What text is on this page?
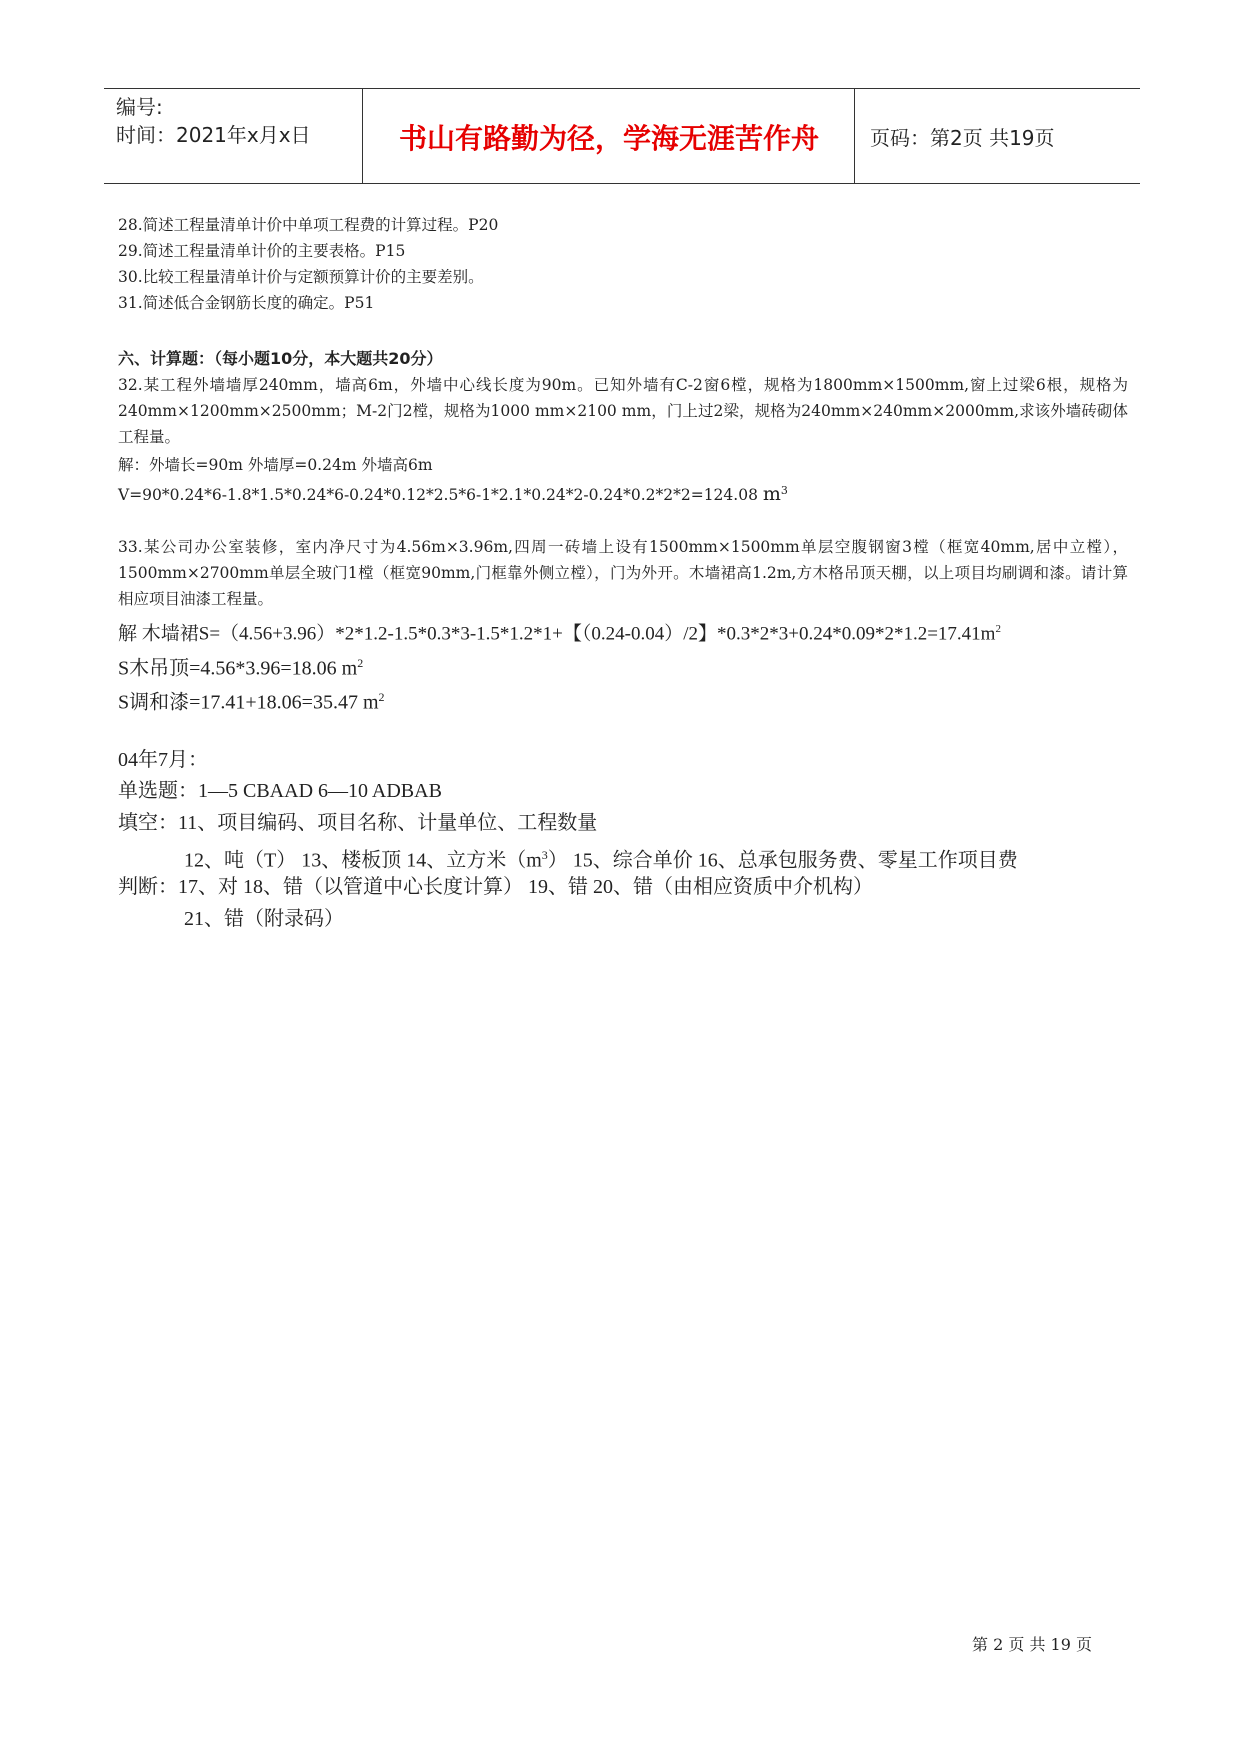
编号:
时间：2021年x月x日	书山有路勤为径，学海无涯苦作舟	页码：第2页 共19页
28.简述工程量清单计价中单项工程费的计算过程。P20
29.简述工程量清单计价的主要表格。P15
30.比较工程量清单计价与定额预算计价的主要差别。
31.简述低合金钢筋长度的确定。P51
六、计算题：（每小题10分，本大题共20分）
32.某工程外墙墙厚240mm，墙高6m，外墙中心线长度为90m。已知外墙有C-2窗6樘，规格为1800mm×1500mm,窗上过梁6根，规格为240mm×1200mm×2500mm；M-2门2樘，规格为1000 mm×2100 mm，门上过2梁，规格为240mm×240mm×2000mm,求该外墙砖砌体工程量。
解：外墙长=90m 外墙厚=0.24m 外墙高6m
V=90*0.24*6-1.8*1.5*0.24*6-0.24*0.12*2.5*6-1*2.1*0.24*2-0.24*0.2*2*2=124.08 $m^3$
33.某公司办公室装修，室内净尺寸为4.56m×3.96m,四周一砖墙上设有1500mm×1500mm单层空腹钢窗3樘（框宽40mm,居中立樘），1500mm×2700mm单层全玻门1樘（框宽90mm,门框靠外侧立樘），门为外开。木墙裙高1.2m,方木格吊顶天棚，以上项目均刷调和漆。请计算相应项目油漆工程量。
解 木墙裙S=（4.56+3.96）*2*1.2-1.5*0.3*3-1.5*1.2*1+【（0.24-0.04）/2】$*0.3*2*3+0.24*0.09*2*1.2=17.41m^2$
S木吊顶=4.56*3.96=18.06 $m^2$
S调和漆=17.41+18.06=35.47 $m^2$
04年7月：
单选题：1—5 CBAAD 6—10 ADBAB
填空：11、项目编码、项目名称、计量单位、工程数量
12、吨（T） 13、楼板顶 14、立方米$(m^3)$ 15、综合单价 16、总承包服务费、零星工作项目费
判断：17、对 18、错（以管道中心长度计算） 19、错 20、错（由相应资质中介机构）
21、错（附录码）
第 2 页 共 19 页
